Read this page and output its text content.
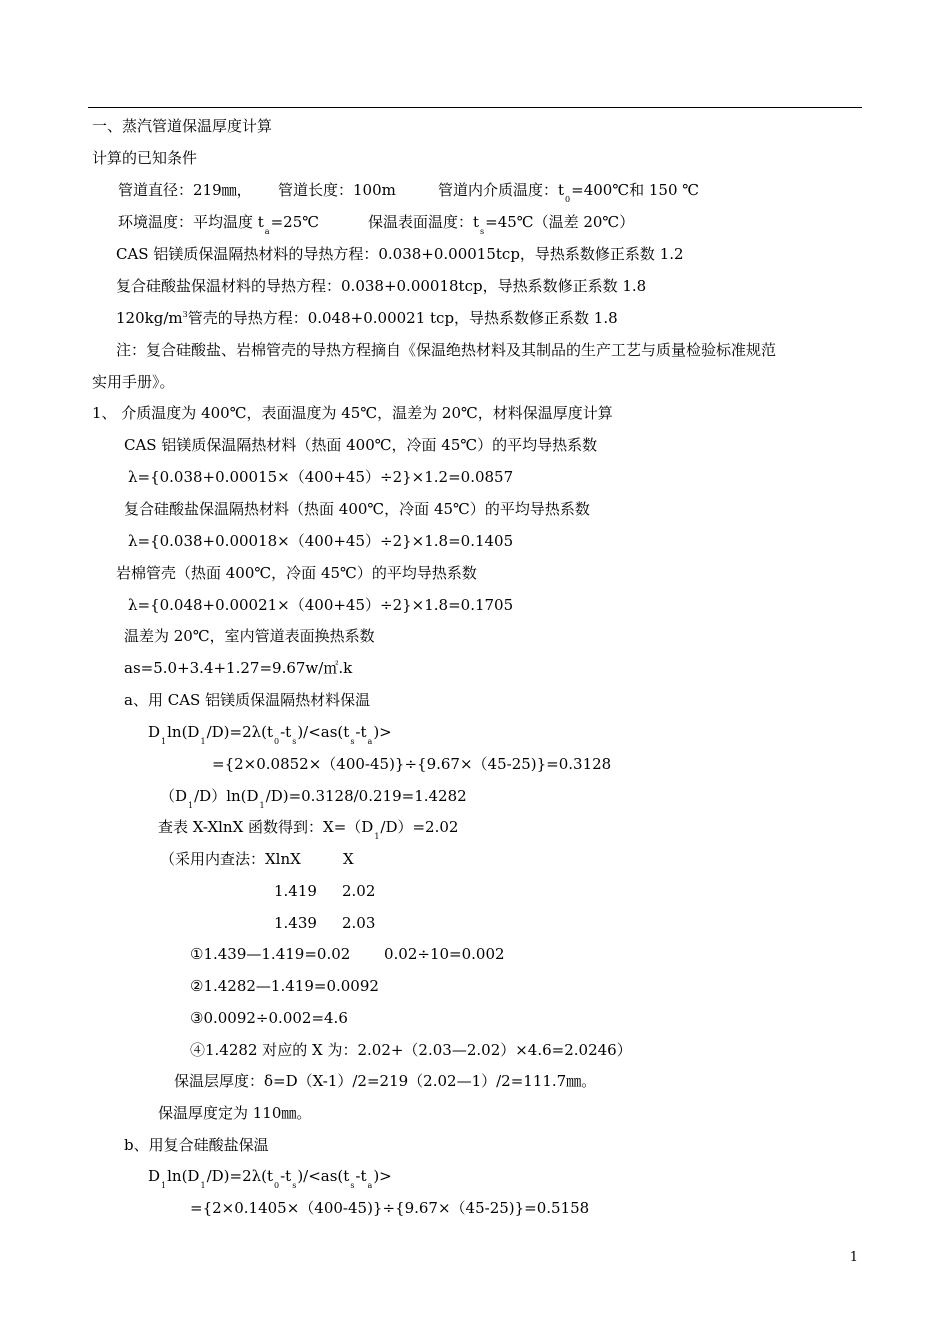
一、蒸汽管道保温厚度计算
计算的已知条件
管道直径：219㎜， 管道长度：100m	管道内介质温度：$t_0=400℃$和 150 ℃
环境温度：平均温度 $t_a=25℃$	保温表面温度：$t_s=45℃$（温差 20℃）
CAS 铝镁质保温隔热材料的导热方程：0.038+0.00015tcp，导热系数修正系数 1.2
复合硅酸盐保温材料的导热方程：0.038+0.00018tcp，导热系数修正系数 1.8
$120kg/m^3$管壳的导热方程：0.048+0.00021 tcp，导热系数修正系数 1.8
注：复合硅酸盐、岩棉管壳的导热方程摘自《保温绝热材料及其制品的生产工艺与质量检验标准规范
实用手册》。
1、 介质温度为 400℃，表面温度为 45℃，温差为 20℃，材料保温厚度计算
CAS 铝镁质保温隔热材料（热面 400℃，冷面 45℃）的平均导热系数
λ={0.038+0.00015×（400+45）÷2}×1.2=0.0857
复合硅酸盐保温隔热材料（热面 400℃，冷面 45℃）的平均导热系数
λ={0.038+0.00018×（400+45）÷2}×1.8=0.1405
岩棉管壳（热面 400℃，冷面 45℃）的平均导热系数
λ={0.048+0.00021×（400+45）÷2}×1.8=0.1705
温差为 20℃，室内管道表面换热系数
as=5.0+3.4+1.27=9.67w/㎡.k
a、用 CAS 铝镁质保温隔热材料保温
$D_1\ln(D_1/D)=2\lambda(t_0-t_s)/<as(t_s-t_a)>$
={2×0.0852×（400-45)}÷{9.67×（45-25)}=0.3128
$(D_1/D)\ln(D_1/D)=0.3128/0.219=1.4282$
查表 X-XlnX 函数得到：$X=(D_1/D)=2.02$
（采用内查法：XlnX	X
1.419 2.02
1.439 2.03
①1.439—1.419=0.02 0.02÷10=0.002
②1.4282—1.419=0.0092
③0.0092÷0.002=4.6
④1.4282 对应的 X 为：2.02+（2.03—2.02）×4.6=2.0246）
保温层厚度：δ=D（X-1）/2=219（2.02—1）/2=111.7㎜。
保温厚度定为 110㎜。
b、用复合硅酸盐保温
$D_1\ln(D_1/D)=2\lambda(t_0-t_s)/<as(t_s-t_a)>$
={2×0.1405×（400-45)}÷{9.67×（45-25)}=0.5158
1
